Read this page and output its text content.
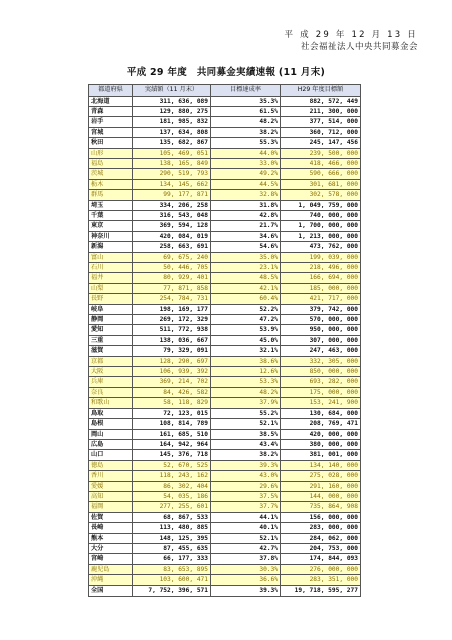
平 成 29 年 12 月 13 日
社会福祉法人中央共同募金会
平成 29 年度　共同募金実績速報 (11 月末)
都道府県	実績額（11 月末）	目標達成率	H29 年度目標額
北海道	311, 636, 089	35.3%	882, 572, 449
青森	129, 880, 275	61.5%	211, 300, 000
岩手	181, 985, 832	48.2%	377, 514, 000
宮城	137, 634, 808	38.2%	360, 712, 000
秋田	135, 682, 867	55.3%	245, 147, 456
山形	105, 469, 051	44.0%	239, 500, 000
福島	138, 165, 849	33.0%	418, 466, 000
茨城	290, 519, 793	49.2%	590, 666, 000
栃木	134, 145, 662	44.5%	301, 681, 000
群馬	99, 177, 871	32.8%	302, 578, 000
埼玉	334, 206, 258	31.8%	1, 049, 759, 000
千葉	316, 543, 048	42.8%	740, 000, 000
東京	369, 594, 128	21.7%	1, 700, 000, 000
神奈川	420, 084, 019	34.6%	1, 213, 000, 000
新潟	258, 663, 691	54.6%	473, 762, 000
富山	69, 675, 240	35.0%	199, 039, 000
石川	50, 446, 705	23.1%	218, 496, 000
福井	80, 929, 401	48.5%	166, 694, 000
山梨	77, 871, 858	42.1%	185, 000, 000
長野	254, 784, 731	60.4%	421, 717, 000
岐阜	198, 169, 177	52.2%	379, 742, 000
静岡	269, 172, 329	47.2%	570, 000, 000
愛知	511, 772, 938	53.9%	950, 000, 000
三重	138, 036, 667	45.0%	307, 000, 000
滋賀	79, 329, 091	32.1%	247, 463, 000
京都	128, 290, 697	38.6%	332, 305, 000
大阪	106, 939, 392	12.6%	850, 000, 000
兵庫	369, 214, 702	53.3%	693, 282, 000
奈良	84, 426, 582	48.2%	175, 000, 000
和歌山	58, 118, 829	37.9%	153, 241, 900
鳥取	72, 123, 015	55.2%	130, 684, 000
島根	108, 814, 789	52.1%	208, 769, 471
岡山	161, 685, 510	38.5%	420, 000, 000
広島	164, 942, 964	43.4%	380, 000, 000
山口	145, 376, 718	38.2%	381, 001, 000
徳島	52, 670, 525	39.3%	134, 140, 000
香川	118, 243, 162	43.0%	275, 028, 000
愛媛	86, 302, 404	29.6%	291, 160, 000
高知	54, 035, 186	37.5%	144, 000, 000
福岡	277, 255, 601	37.7%	735, 864, 908
佐賀	68, 867, 533	44.1%	156, 000, 000
長崎	113, 480, 885	40.1%	283, 000, 000
熊本	148, 125, 395	52.1%	284, 062, 000
大分	87, 455, 635	42.7%	204, 753, 000
宮崎	66, 177, 333	37.8%	174, 844, 093
鹿児島	83, 653, 895	30.3%	276, 000, 000
沖縄	103, 600, 471	36.6%	283, 351, 000
全国	7, 752, 396, 571	39.3%	19, 718, 595, 277
